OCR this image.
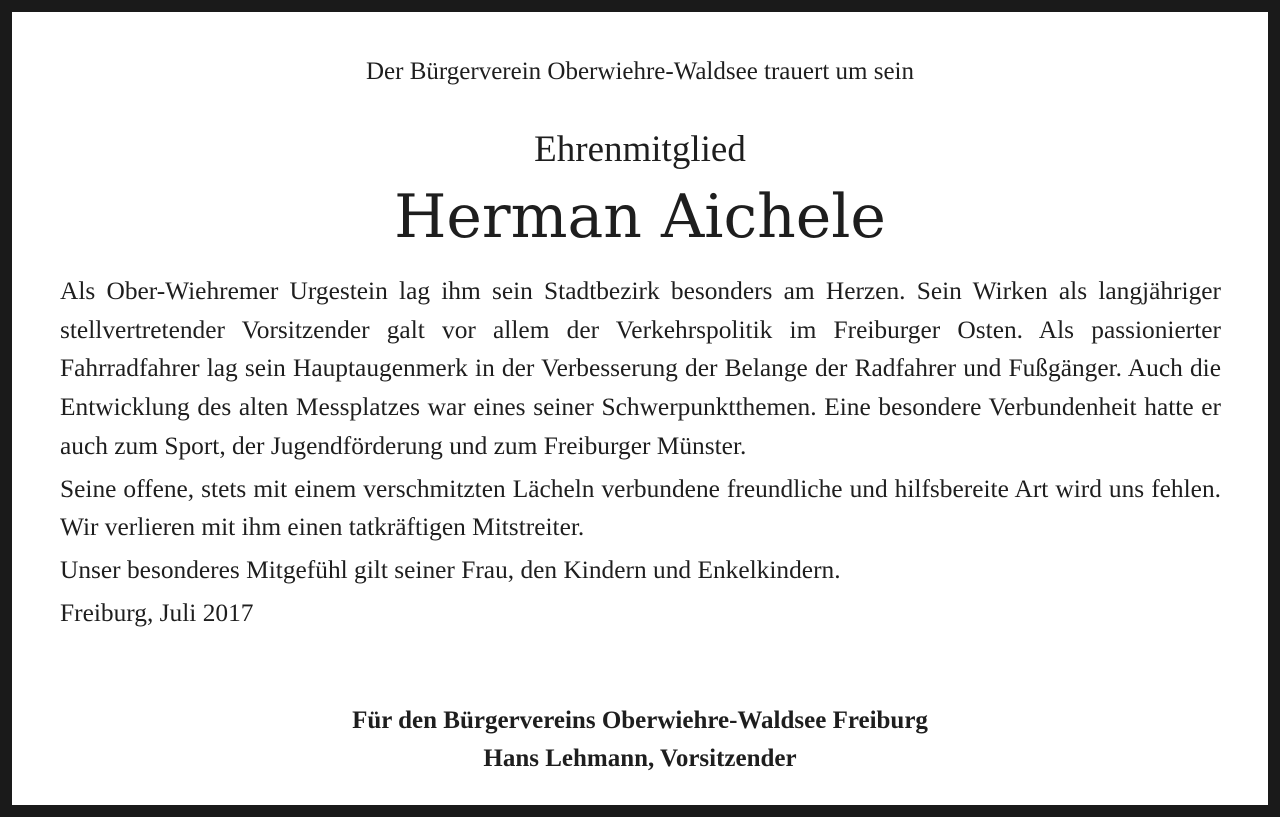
Der Bürgerverein Oberwiehre-Waldsee trauert um sein
Ehrenmitglied
Herman Aichele

Als Ober-Wiehremer Urgestein lag ihm sein Stadtbezirk besonders am Herzen. Sein Wirken als langjähriger stellvertretender Vorsitzender galt vor allem der Verkehrspolitik im Freiburger Osten. Als passionierter Fahrradfahrer lag sein Hauptaugenmerk in der Verbesserung der Belange der Radfahrer und Fußgänger. Auch die Entwicklung des alten Messplatzes war eines seiner Schwerpunktthemen. Eine besondere Verbundenheit hatte er auch zum Sport, der Jugendförderung und zum Freiburger Münster.

Seine offene, stets mit einem verschmitzten Lächeln verbundene freundliche und hilfsbereite Art wird uns fehlen. Wir verlieren mit ihm einen tatkräftigen Mitstreiter.

Unser besonderes Mitgefühl gilt seiner Frau, den Kindern und Enkelkindern.

Freiburg, Juli 2017

Für den Bürgervereins Oberwiehre-Waldsee Freiburg
Hans Lehmann, Vorsitzender
